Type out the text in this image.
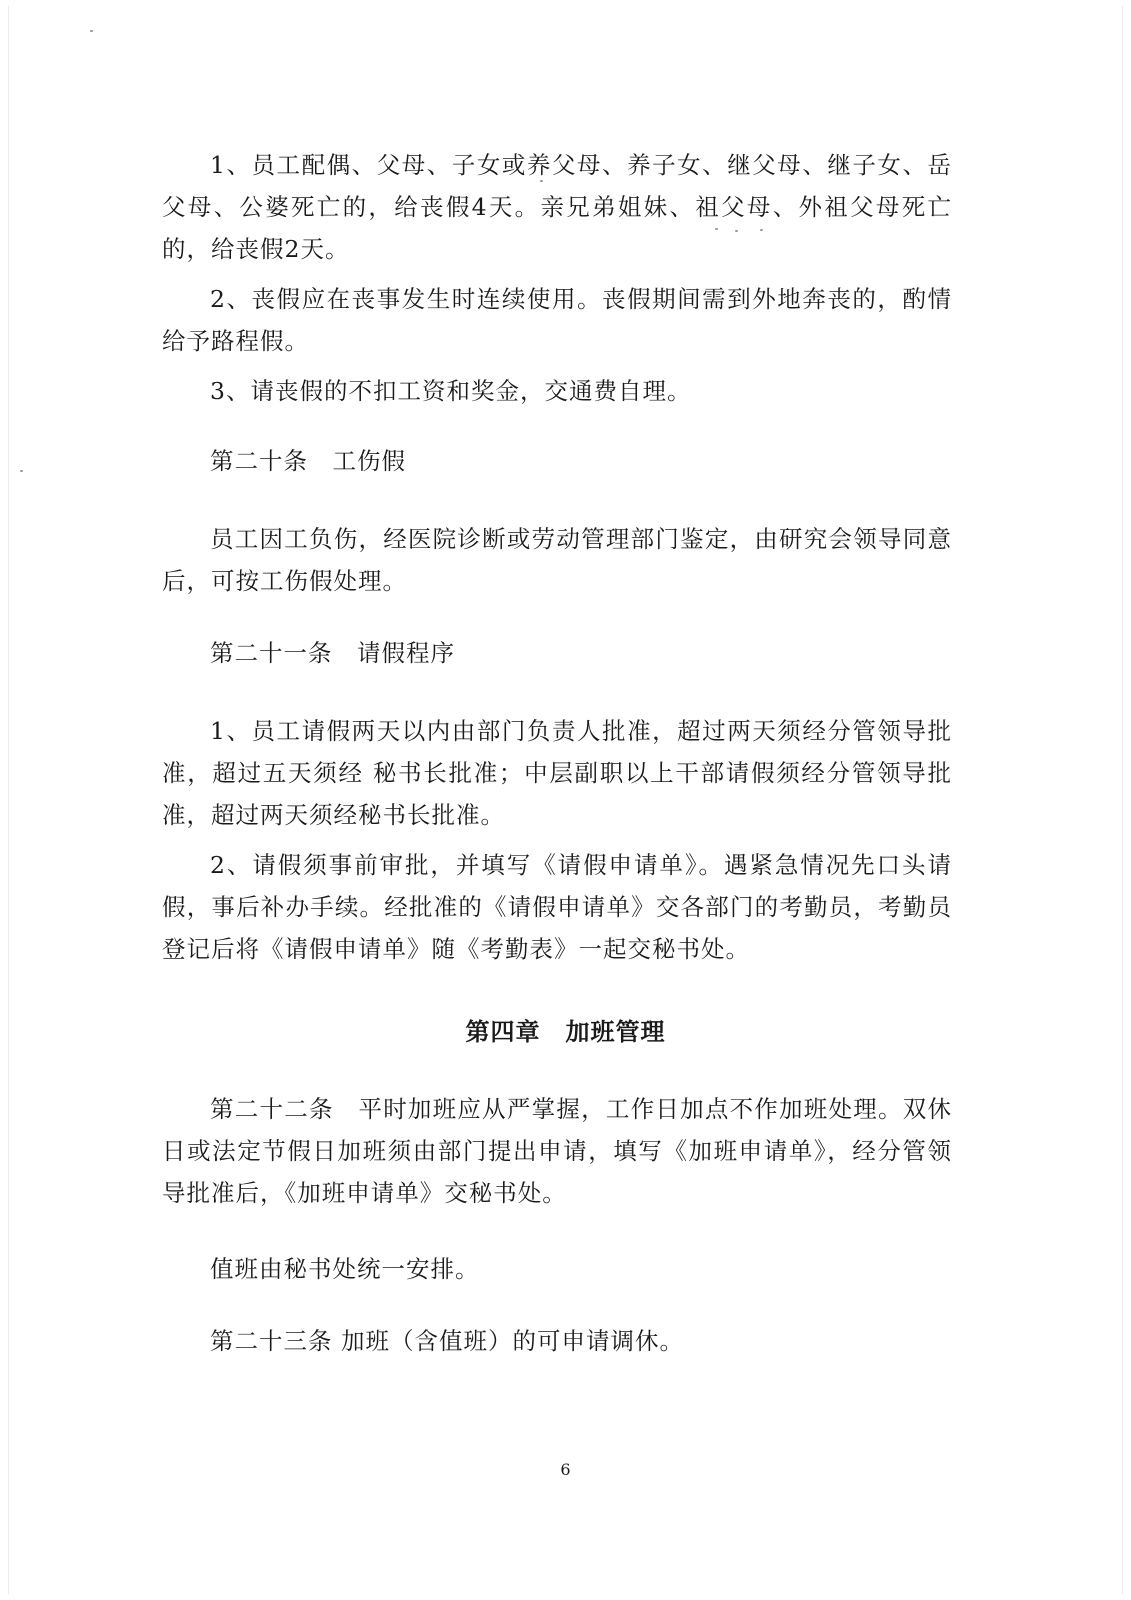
1、员工配偶、父母、子女或养父母、养子女、继父母、继子女、岳父母、公婆死亡的，给丧假4天。亲兄弟姐妹、祖父母、外祖父母死亡的，给丧假2天。

2、丧假应在丧事发生时连续使用。丧假期间需到外地奔丧的，酌情给予路程假。

3、请丧假的不扣工资和奖金，交通费自理。

第二十条　工伤假

员工因工负伤，经医院诊断或劳动管理部门鉴定，由研究会领导同意后，可按工伤假处理。

第二十一条　请假程序

1、员工请假两天以内由部门负责人批准，超过两天须经分管领导批准，超过五天须经 秘书长批准；中层副职以上干部请假须经分管领导批准，超过两天须经秘书长批准。

2、请假须事前审批，并填写《请假申请单》。遇紧急情况先口头请假，事后补办手续。经批准的《请假申请单》交各部门的考勤员，考勤员登记后将《请假申请单》随《考勤表》一起交秘书处。

第四章　加班管理

第二十二条　平时加班应从严掌握，工作日加点不作加班处理。双休日或法定节假日加班须由部门提出申请，填写《加班申请单》，经分管领导批准后，《加班申请单》交秘书处。

值班由秘书处统一安排。

第二十三条 加班（含值班）的可申请调休。

6
